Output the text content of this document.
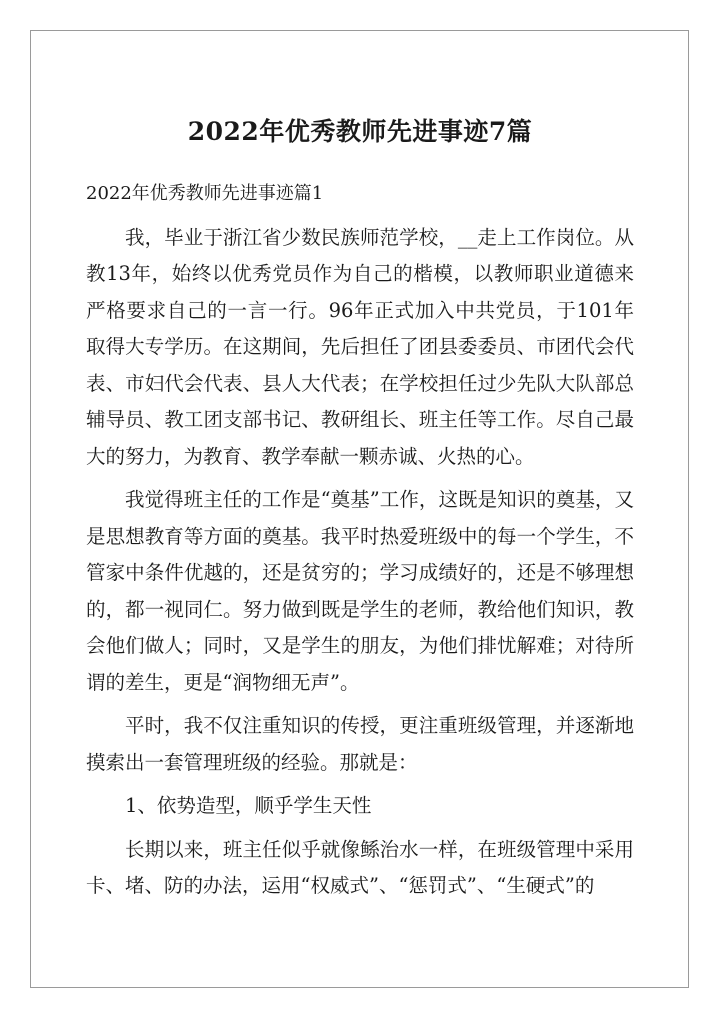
2022年优秀教师先进事迹7篇

2022年优秀教师先进事迹篇1

我，毕业于浙江省少数民族师范学校，__走上工作岗位。从教13年，始终以优秀党员作为自己的楷模，以教师职业道德来严格要求自己的一言一行。96年正式加入中共党员，于101年取得大专学历。在这期间，先后担任了团县委委员、市团代会代表、市妇代会代表、县人大代表；在学校担任过少先队大队部总辅导员、教工团支部书记、教研组长、班主任等工作。尽自己最大的努力，为教育、教学奉献一颗赤诚、火热的心。

我觉得班主任的工作是“奠基”工作，这既是知识的奠基，又是思想教育等方面的奠基。我平时热爱班级中的每一个学生，不管家中条件优越的，还是贫穷的；学习成绩好的，还是不够理想的，都一视同仁。努力做到既是学生的老师，教给他们知识，教会他们做人；同时，又是学生的朋友，为他们排忧解难；对待所谓的差生，更是“润物细无声”。

平时，我不仅注重知识的传授，更注重班级管理，并逐渐地摸索出一套管理班级的经验。那就是：

1、依势造型，顺乎学生天性

长期以来，班主任似乎就像鲧治水一样，在班级管理中采用卡、堵、防的办法，运用“权威式”、“惩罚式”、“生硬式”的
